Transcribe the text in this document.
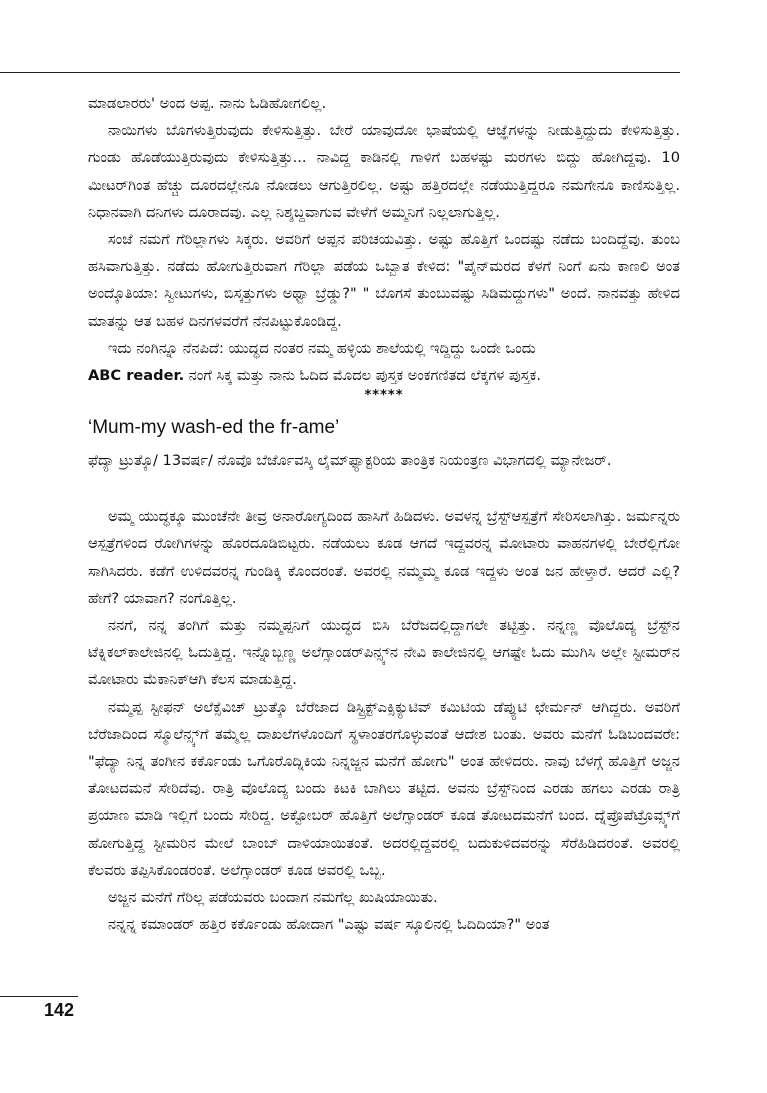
ಮಾಡಲಾರರು' ಅಂದ ಅಪ್ಪ. ನಾನು ಓಡಿಹೋಗಲಿಲ್ಲ.

ನಾಯಿಗಳು ಬೊಗಳುತ್ತಿರುವುದು ಕೇಳಿಸುತ್ತಿತ್ತು. ಬೇರೆ ಯಾವುದೋ ಭಾಷೆಯಲ್ಲಿ ಆಜ್ಞೆಗಳನ್ನು ನೀಡುತ್ತಿದ್ದುದು ಕೇಳಿಸುತ್ತಿತ್ತು. ಗುಂಡು ಹೊಡೆಯುತ್ತಿರುವುದು ಕೇಳಿಸುತ್ತಿತ್ತು... ನಾವಿದ್ದ ಕಾಡಿನಲ್ಲಿ ಗಾಳಿಗೆ ಬಹಳಷ್ಟು ಮರಗಳು ಬಿದ್ದು ಹೋಗಿದ್ದವು. 10 ಮೀಟರ್‌ಗಿಂತ ಹೆಚ್ಚು ದೂರದಲ್ಲೇನೂ ನೋಡಲು ಆಗುತ್ತಿರಲಿಲ್ಲ. ಅಷ್ಟು ಹತ್ತಿರದಲ್ಲೇ ನಡೆಯುತ್ತಿದ್ದರೂ ನಮಗೇನೂ ಕಾಣಿಸುತ್ತಿಲ್ಲ. ನಿಧಾನವಾಗಿ ದನಿಗಳು ದೂರಾದವು. ಎಲ್ಲ ನಿಶ್ಶಬ್ದವಾಗುವ ವೇಳೆಗೆ ಅಮ್ಮನಿಗೆ ನಿಲ್ಲಲಾಗುತ್ತಿಲ್ಲ.

ಸಂಜೆ ನಮಗೆ ಗೆರಿಲ್ಲಾಗಳು ಸಿಕ್ಕರು. ಅವರಿಗೆ ಅಪ್ಪನ ಪರಿಚಯವಿತ್ತು. ಅಷ್ಟು ಹೊತ್ತಿಗೆ ಒಂದಷ್ಟು ನಡೆದು ಬಂದಿದ್ದೆವು. ತುಂಬ ಹಸಿವಾಗುತ್ತಿತ್ತು. ನಡೆದು ಹೋಗುತ್ತಿರುವಾಗ ಗೆರಿಲ್ಲಾ ಪಡೆಯ ಒಬ್ಬಾತ ಕೇಳಿದ: "ಪೈನ್‌ಮರದ ಕೆಳಗೆ ನಿಂಗೆ ಏನು ಕಾಣಲಿ ಅಂತ ಅಂದ್ಕೊತಿಯಾ: ಸ್ವೀಟುಗಳು, ಬಿಸ್ಕತ್ತುಗಳು ಅಥ್ವಾ ಬ್ರೆಡ್ಡು?" " ಬೊಗಸೆ ತುಂಬುವಷ್ಟು ಸಿಡಿಮದ್ದುಗಳು" ಅಂದೆ. ನಾನವತ್ತು ಹೇಳಿದ ಮಾತನ್ನು ಆತ ಬಹಳ ದಿನಗಳವರೆಗೆ ನೆನಪಿಟ್ಟುಕೊಂಡಿದ್ದ.

ಇದು ನಂಗಿನ್ನೂ ನೆನಪಿದೆ: ಯುದ್ಧದ ನಂತರ ನಮ್ಮ ಹಳ್ಳಿಯ ಶಾಲೆಯಲ್ಲಿ ಇದ್ದಿದ್ದು ಒಂದೇ ಒಂದು

ABC reader. ನಂಗೆ ಸಿಕ್ಕ ಮತ್ತು ನಾನು ಓದಿದ ಮೊದಲ ಪುಸ್ತಕ ಅಂಕಗಣಿತದ ಲೆಕ್ಕಗಳ ಪುಸ್ತಕ.

*****
‘Mum-my wash-ed the fr-ame’
ಫೆದ್ಯಾ ಟ್ರುತ್ಕೊ/ 13ವರ್ಷ/ ನೊವೊ ಬೆರ್ಜೊವಸ್ಕಿ ಲೈಮ್‌ಫ್ಯಾಕ್ಟರಿಯ ತಾಂತ್ರಿಕ ನಿಯಂತ್ರಣ ವಿಭಾಗದಲ್ಲಿ ಮ್ಯಾನೇಜರ್.

ಅಮ್ಮ ಯುದ್ಧಕ್ಕೂ ಮುಂಚೆನೇ ತೀವ್ರ ಅನಾರೋಗ್ಯದಿಂದ ಹಾಸಿಗೆ ಹಿಡಿದಳು. ಅವಳನ್ನ ಬ್ರೆಸ್ಟ್‌ಆಸ್ಪತ್ರೆಗೆ ಸೇರಿಸಲಾಗಿತ್ತು. ಜರ್ಮನ್ನರು ಆಸ್ಪತ್ರೆಗಳಿಂದ ರೋಗಿಗಳನ್ನು ಹೊರದೂಡಿಬಿಟ್ಟರು. ನಡೆಯಲು ಕೂಡ ಆಗದೆ ಇದ್ದವರನ್ನ ಮೋಟಾರು ವಾಹನಗಳಲ್ಲಿ ಬೇರೆಲ್ಲಿಗೋ ಸಾಗಿಸಿದರು. ಕಡೆಗೆ ಉಳಿದವರನ್ನ ಗುಂಡಿಕ್ಕಿ ಕೊಂದರಂತೆ. ಅವರಲ್ಲಿ ನಮ್ಮಮ್ಮ ಕೂಡ ಇದ್ದಳು ಅಂತ ಜನ ಹೇಳ್ತಾರೆ. ಆದರೆ ಎಲ್ಲಿ? ಹೇಗೆ? ಯಾವಾಗ? ನಂಗೊತ್ತಿಲ್ಲ.

ನನಗೆ, ನನ್ನ ತಂಗಿಗೆ ಮತ್ತು ನಮ್ಮಪ್ಪನಿಗೆ ಯುದ್ಧದ ಬಿಸಿ ಬೆರೆಜದಲ್ಲಿದ್ದಾಗಲೇ ತಟ್ಟಿತ್ತು. ನನ್ನಣ್ಣ ವೊಲೊದ್ಯ ಬ್ರೆಸ್ಟ್‌ನ ಟೆಕ್ನಿಕಲ್‌ಕಾಲೇಜಿನಲ್ಲಿ ಓದುತ್ತಿದ್ದ. ಇನ್ನೊಬ್ಬಣ್ಣ ಅಲೆಗ್ಸಾಂಡರ್‌ಪಿನ್ಸ್ಕ್‌ನ ನೇವಿ ಕಾಲೇಜಿನಲ್ಲಿ ಆಗಷ್ಟೇ ಓದು ಮುಗಿಸಿ ಅಲ್ಲೇ ಸ್ಟೀಮರ್‌ನ ಮೋಟಾರು ಮೆಕಾನಿಕ್‌ಆಗಿ ಕೆಲಸ ಮಾಡುತ್ತಿದ್ದ.

ನಮ್ಮಪ್ಪ ಸ್ಟೀಫನ್ ಅಲೆಕ್ಸೆವಿಚ್ ಟ್ರುತ್ಕೊ ಬೆರೆಜಾದ ಡಿಸ್ಟ್ರಿಕ್ಟ್‌ಎಕ್ಸಿಕ್ಯುಟಿವ್ ಕಮಿಟಿಯ ಡೆಪ್ಯುಟಿ ಛೇರ್ಮನ್ ಆಗಿದ್ದರು. ಅವರಿಗೆ ಬೆರೆಜಾದಿಂದ ಸ್ಮೊಲೆನ್ಸ್ಕ್‌ಗೆ ತಮ್ಮೆಲ್ಲ ದಾಖಲೆಗಳೊಂದಿಗೆ ಸ್ಥಳಾಂತರಗೊಳ್ಳುವಂತೆ ಆದೇಶ ಬಂತು. ಅವರು ಮನೆಗೆ ಓಡಿಬಂದವರೇ: "ಫೆದ್ಯಾ ನಿನ್ನ ತಂಗೀನ ಕರ್ಕೊಂಡು ಒಗೊರೊದ್ನಿಕಿಯ ನಿನ್ನಜ್ಜನ ಮನೆಗೆ ಹೋಗು" ಅಂತ ಹೇಳಿದರು. ನಾವು ಬೆಳಗ್ಗೆ ಹೊತ್ತಿಗೆ ಅಜ್ಜನ ತೋಟದಮನೆ ಸೇರಿದೆವು. ರಾತ್ರಿ ವೊಲೊದ್ಯ ಬಂದು ಕಿಟಕಿ ಬಾಗಿಲು ತಟ್ಟಿದ. ಅವನು ಬ್ರೆಸ್ಟ್‌ನಿಂದ ಎರಡು ಹಗಲು ಎರಡು ರಾತ್ರಿ ಪ್ರಯಾಣ ಮಾಡಿ ಇಲ್ಲಿಗೆ ಬಂದು ಸೇರಿದ್ದ. ಅಕ್ಟೋಬರ್ ಹೊತ್ತಿಗೆ ಅಲೆಗ್ಸಾಂಡರ್ ಕೂಡ ತೋಟದಮನೆಗೆ ಬಂದ. ದ್ನೆಪ್ರೊಪೆಟ್ರೊವ್ಸ್ಕ್‌ಗೆ ಹೋಗುತ್ತಿದ್ದ ಸ್ಟೀಮರಿನ ಮೇಲೆ ಬಾಂಬ್ ದಾಳಿಯಾಯಿತಂತೆ. ಅದರಲ್ಲಿದ್ದವರಲ್ಲಿ ಬದುಕುಳಿದವರನ್ನು ಸೆರೆಹಿಡಿದರಂತೆ. ಅವರಲ್ಲಿ ಕೆಲವರು ತಪ್ಪಿಸಿಕೊಂಡರಂತೆ. ಅಲೆಗ್ಸಾಂಡರ್ ಕೂಡ ಅವರಲ್ಲಿ ಒಬ್ಬ.

ಅಜ್ಜನ ಮನೆಗೆ ಗೆರಿಲ್ಲ ಪಡೆಯವರು ಬಂದಾಗ ನಮಗೆಲ್ಲ ಖುಷಿಯಾಯಿತು.

ನನ್ನನ್ನ ಕಮಾಂಡರ್ ಹತ್ತಿರ ಕರ್ಕೊಂಡು ಹೋದಾಗ "ಎಷ್ಟು ವರ್ಷ ಸ್ಕೂಲಿನಲ್ಲಿ ಓದಿದಿಯಾ?" ಅಂತ

142
